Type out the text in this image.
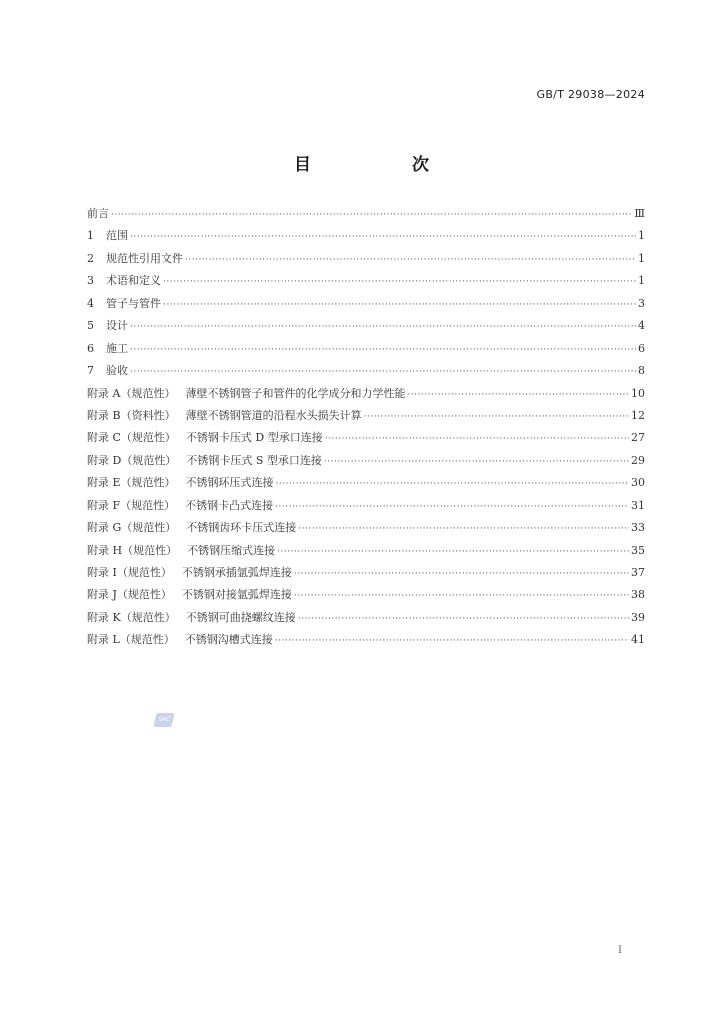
GB/T 29038—2024
目　次
前言 ·····	Ⅲ
1	范围 ·····	1
2	规范性引用文件 ·····	1
3	术语和定义 ·····	1
4	管子与管件 ·····	3
5	设计 ·····	4
6	施工 ·····	6
7	验收 ·····	8
附录 A（规范性） 薄壁不锈钢管子和管件的化学成分和力学性能 ·····	10
附录 B（资料性） 薄壁不锈钢管道的沿程水头损失计算 ·····	12
附录 C（规范性） 不锈钢卡压式 D 型承口连接 ·····	27
附录 D（规范性） 不锈钢卡压式 S 型承口连接 ·····	29
附录 E（规范性） 不锈钢环压式连接 ·····	30
附录 F（规范性） 不锈钢卡凸式连接 ·····	31
附录 G（规范性） 不锈钢齿环卡压式连接 ·····	33
附录 H（规范性） 不锈钢压缩式连接 ·····	35
附录 I（规范性） 不锈钢承插氩弧焊连接 ·····	37
附录 J（规范性） 不锈钢对接氩弧焊连接 ·····	38
附录 K（规范性） 不锈钢可曲挠螺纹连接 ·····	39
附录 L（规范性） 不锈钢沟槽式连接 ·····	41
SAC
I
